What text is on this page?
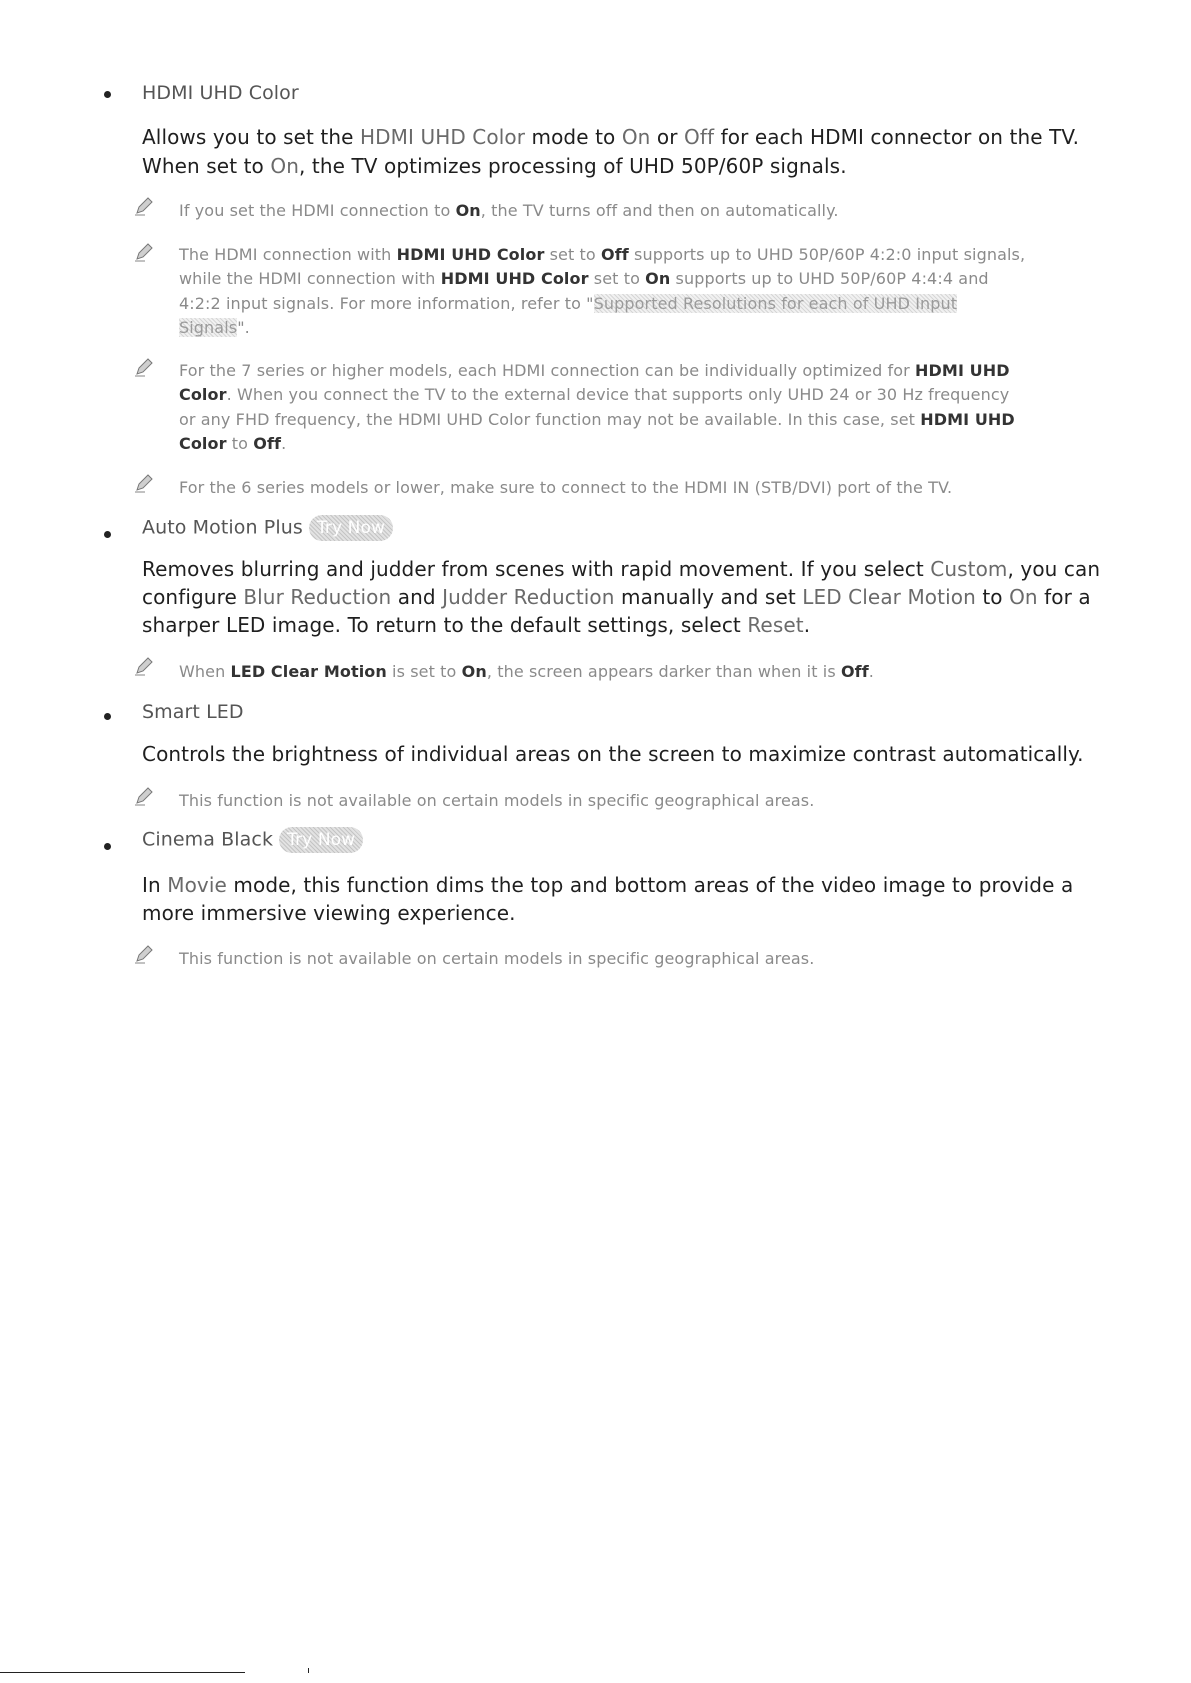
HDMI UHD Color
Allows you to set the HDMI UHD Color mode to On or Off for each HDMI connector on the TV.
When set to On, the TV optimizes processing of UHD 50P/60P signals.
If you set the HDMI connection to On, the TV turns off and then on automatically.
The HDMI connection with HDMI UHD Color set to Off supports up to UHD 50P/60P 4:2:0 input signals,
while the HDMI connection with HDMI UHD Color set to On supports up to UHD 50P/60P 4:4:4 and
4:2:2 input signals. For more information, refer to "Supported Resolutions for each of UHD Input
Signals".
For the 7 series or higher models, each HDMI connection can be individually optimized for HDMI UHD
Color. When you connect the TV to the external device that supports only UHD 24 or 30 Hz frequency
or any FHD frequency, the HDMI UHD Color function may not be available. In this case, set HDMI UHD
Color to Off.
For the 6 series models or lower, make sure to connect to the HDMI IN (STB/DVI) port of the TV.
Auto Motion Plus Try Now
Removes blurring and judder from scenes with rapid movement. If you select Custom, you can
configure Blur Reduction and Judder Reduction manually and set LED Clear Motion to On for a
sharper LED image. To return to the default settings, select Reset.
When LED Clear Motion is set to On, the screen appears darker than when it is Off.
Smart LED
Controls the brightness of individual areas on the screen to maximize contrast automatically.
This function is not available on certain models in specific geographical areas.
Cinema Black Try Now
In Movie mode, this function dims the top and bottom areas of the video image to provide a
more immersive viewing experience.
This function is not available on certain models in specific geographical areas.
